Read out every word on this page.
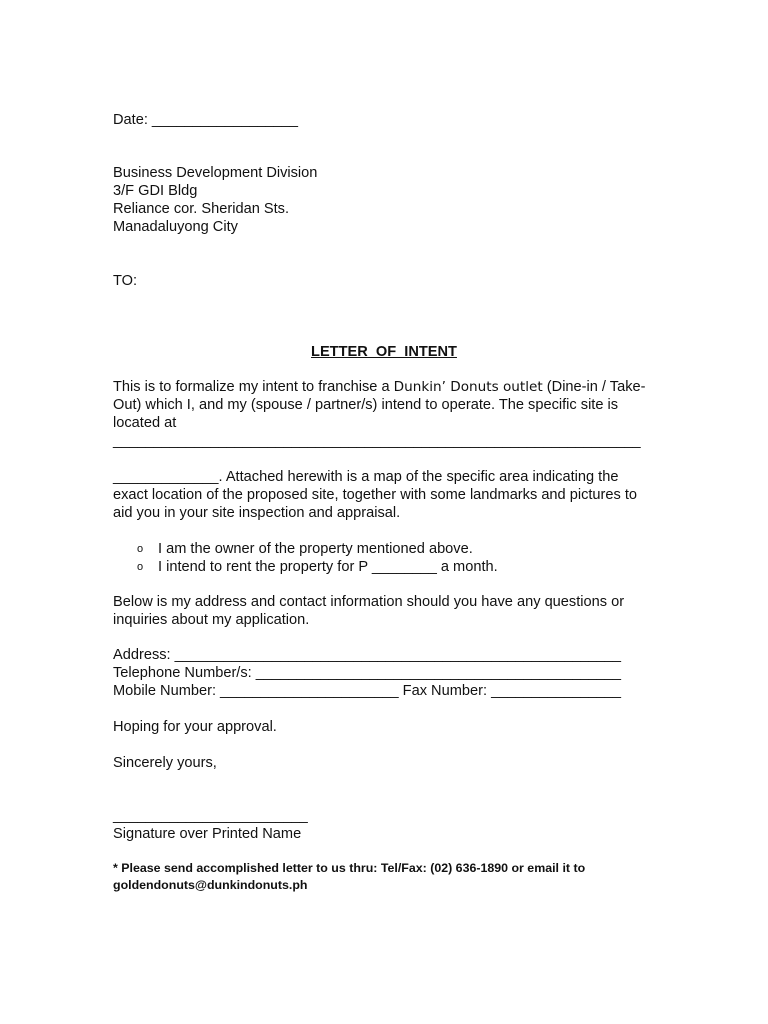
Date: __________________
Business Development Division
3/F GDI Bldg
Reliance cor. Sheridan Sts.
Manadaluyong City
TO:
LETTER  OF  INTENT
This is to formalize my intent to franchise a Dunkin’ Donuts outlet (Dine-in / Take-
Out) which I, and my (spouse / partner/s) intend to operate. The specific site is
located at
_________________________________________________________________
_____________. Attached herewith is a map of the specific area indicating the
exact location of the proposed site, together with some landmarks and pictures to
aid you in your site inspection and appraisal.
o I am the owner of the property mentioned above.
o I intend to rent the property for P ________ a month.
Below is my address and contact information should you have any questions or
inquiries about my application.
Address: _______________________________________________________
Telephone Number/s: _____________________________________________
Mobile Number: ______________________ Fax Number: ________________
Hoping for your approval.
Sincerely yours,
________________________
Signature over Printed Name
* Please send accomplished letter to us thru: Tel/Fax: (02) 636-1890 or email it to
goldendonuts@dunkindonuts.ph
